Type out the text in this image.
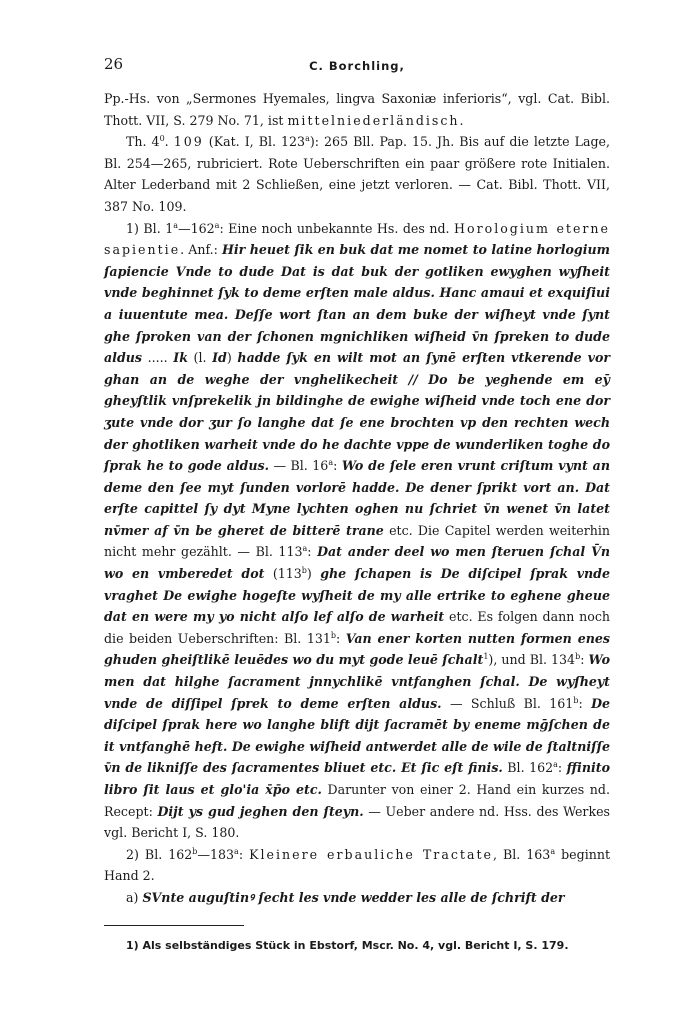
26	C. Borchling,

Pp.-Hs. von „Sermones Hyemales, lingva Saxoniæ inferioris“, vgl. Cat. Bibl. Thott. VII, S. 279 No. 71, ist mittelniederländisch.

Th. $4^0$. 109 (Kat. I, Bl. 123$^a$): 265 Bll. Pap. 15. Jh. Bis auf die letzte Lage, Bl. 254—265, rubriciert. Rote Ueberschriften ein paar größere rote Initialen. Alter Lederband mit 2 Schließen, eine jetzt verloren. — Cat. Bibl. Thott. VII, 387 No. 109.

1) Bl. 1$^a$—162$^a$: Eine noch unbekannte Hs. des nd. Horologium eterne sapientie. Anf.: Hir heuet ſik en buk dat me nomet to latine horlogium ſapiencie Vnde to dude Dat is dat buk der gotliken ewyghen wyſheit vnde beghinnet ſyk to deme erſten male aldus. Hanc amaui et exquiſiui a iuuentute mea. Deſſe wort ſtan an dem buke der wiſheyt vnde ſynt ghe ſproken van der ſchonen mgnichliken wiſheid v̄n ſpreken to dude aldus ..... Ik (l. Id) hadde ſyk en wilt mot an ſynē erſten vtkerende vor ghan an de weghe der vnghelikecheit // Do be yeghende em eȳ gheyſtlik vnſprekelik jn bildinghe de ewighe wiſheid vnde toch ene dor ʒute vnde dor ʒur ſo langhe dat ſe ene brochten vp den rechten wech der ghotliken warheit vnde do he dachte vppe de wunderliken toghe do ſprak he to gode aldus. — Bl. 16$^a$: Wo de ſele eren vrunt criſtum vynt an deme den ſee myt ſunden vorlorē hadde. De dener ſprikt vort an. Dat erſte capittel ſy dyt Myne lychten oghen nu ſchriet v̄n wenet v̄n latet nv̄mer af v̄n be gheret de bitterē trane etc. Die Capitel werden weiterhin nicht mehr gezählt. — Bl. 113$^a$: Dat ander deel wo men ſteruen ſchal V̄n wo en vmberedet dot (113$^b$) ghe ſchapen is De diſcipel ſprak vnde vraghet De ewighe hogeſte wyſheit de my alle ertrike to eghene gheue dat en were my yo nicht alſo lef alſo de warheit etc. Es folgen dann noch die beiden Ueberschriften: Bl. 131$^b$: Van ener korten nutten formen enes ghuden gheiſtlikē leuēdes wo du myt gode leuē ſchalt$^1$), und Bl. 134$^b$: Wo men dat hilghe ſacrament jnnychlikē vntfanghen ſchal. De wyſheyt vnde de diſſipel ſprek to deme erſten aldus. — Schluß Bl. 161$^b$: De diſcipel ſprak here wo langhe blift dijt ſacramēt by eneme mḡſchen de it vntfanghē heft. De ewighe wiſheid antwerdet alle de wile de ſtaltniſſe v̄n de likniſſe des ſacramentes bliuet etc. Et ſic eſt finis. Bl. 162$^a$: ffinito libro ſit laus et glo'ia x̄p̄o etc. Darunter von einer 2. Hand ein kurzes nd. Recept: Dijt ys gud jeghen den ſteyn. — Ueber andere nd. Hss. des Werkes vgl. Bericht I, S. 180.

2) Bl. 162$^b$—183$^a$: Kleinere erbauliche Tractate, Bl. 163$^a$ beginnt Hand 2.

a) SVnte auguſtinꝰ ſecht les vnde wedder les alle de ſchrift der

1) Als selbständiges Stück in Ebstorf, Mscr. No. 4, vgl. Bericht I, S. 179.
